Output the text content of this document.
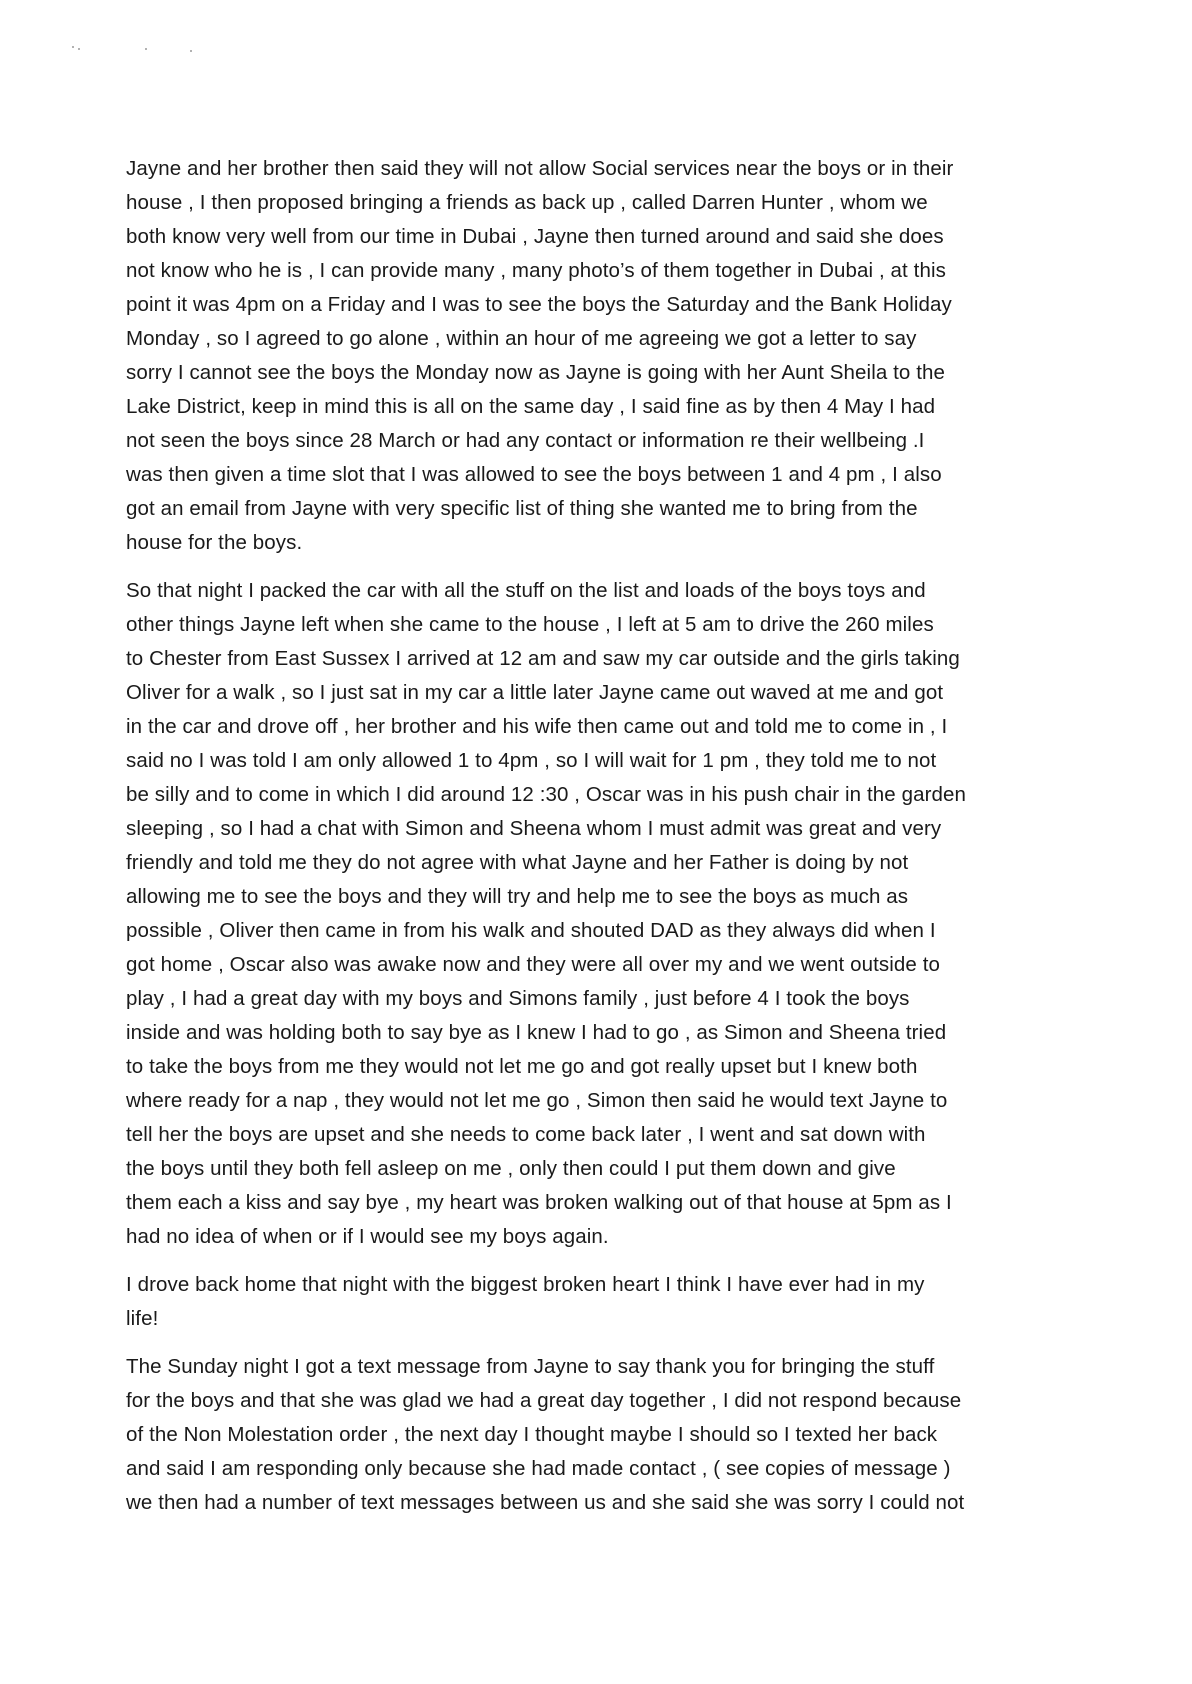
Jayne and her brother then said they will not allow Social services near the boys or in their
house , I then proposed bringing a friends as back up , called Darren Hunter , whom we
both know very well from our time in Dubai , Jayne then turned around and said she does
not know who he is , I can provide many , many photo’s of them together in Dubai , at this
point it was 4pm on a Friday and I was to see the boys the Saturday and the Bank Holiday
Monday , so I agreed to go alone , within an hour of me agreeing we got a letter to say
sorry I cannot see the boys the Monday now as Jayne is going with her Aunt Sheila to the
Lake District, keep in mind this is all on the same day , I said fine as by then 4 May I had
not seen the boys since 28 March or had any contact or information re their wellbeing .I
was then given a time slot that I was allowed to see the boys between 1 and 4 pm , I also
got an email from Jayne with very specific list of thing she wanted me to bring from the
house for the boys.

So that night I packed the car with all the stuff on the list and loads of the boys toys and
other things Jayne left when she came to the house , I left at 5 am to drive the 260 miles
to Chester from East Sussex I arrived at 12 am and saw my car outside and the girls taking
Oliver for a walk , so I just sat in my car a little later Jayne came out waved at me and got
in the car and drove off , her brother and his wife then came out and told me to come in , I
said no I was told I am only allowed 1 to 4pm , so I will wait for 1 pm , they told me to not
be silly and to come in which I did around 12 :30 , Oscar was in his push chair in the garden
sleeping , so I had a chat with Simon and Sheena whom I must admit was great and very
friendly and told me they do not agree with what Jayne and her Father is doing by not
allowing me to see the boys and they will try and help me to see the boys as much as
possible , Oliver then came in from his walk and shouted DAD as they always did when I
got home , Oscar also was awake now and they were all over my and we went outside to
play , I had a great day with my boys and Simons family , just before 4 I took the boys
inside and was holding both to say bye as I knew I had to go , as Simon and Sheena tried
to take the boys from me they would not let me go and got really upset but I knew both
where ready for a nap , they would not let me go , Simon then said he would text Jayne to
tell her the boys are upset and she needs to come back later , I went and sat down with
the boys until they both fell asleep on me , only then could I put them down and give
them each a kiss and say bye , my heart was broken walking out of that house at 5pm as I
had no idea of when or if I would see my boys again.

I drove back home that night with the biggest broken heart I think I have ever had in my
life!

The Sunday night I got a text message from Jayne to say thank you for bringing the stuff
for the boys and that she was glad we had a great day together , I did not respond because
of the Non Molestation order , the next day I thought maybe I should so I texted her back
and said I am responding only because she had made contact , ( see copies of message )
we then had a number of text messages between us and she said she was sorry I could not
